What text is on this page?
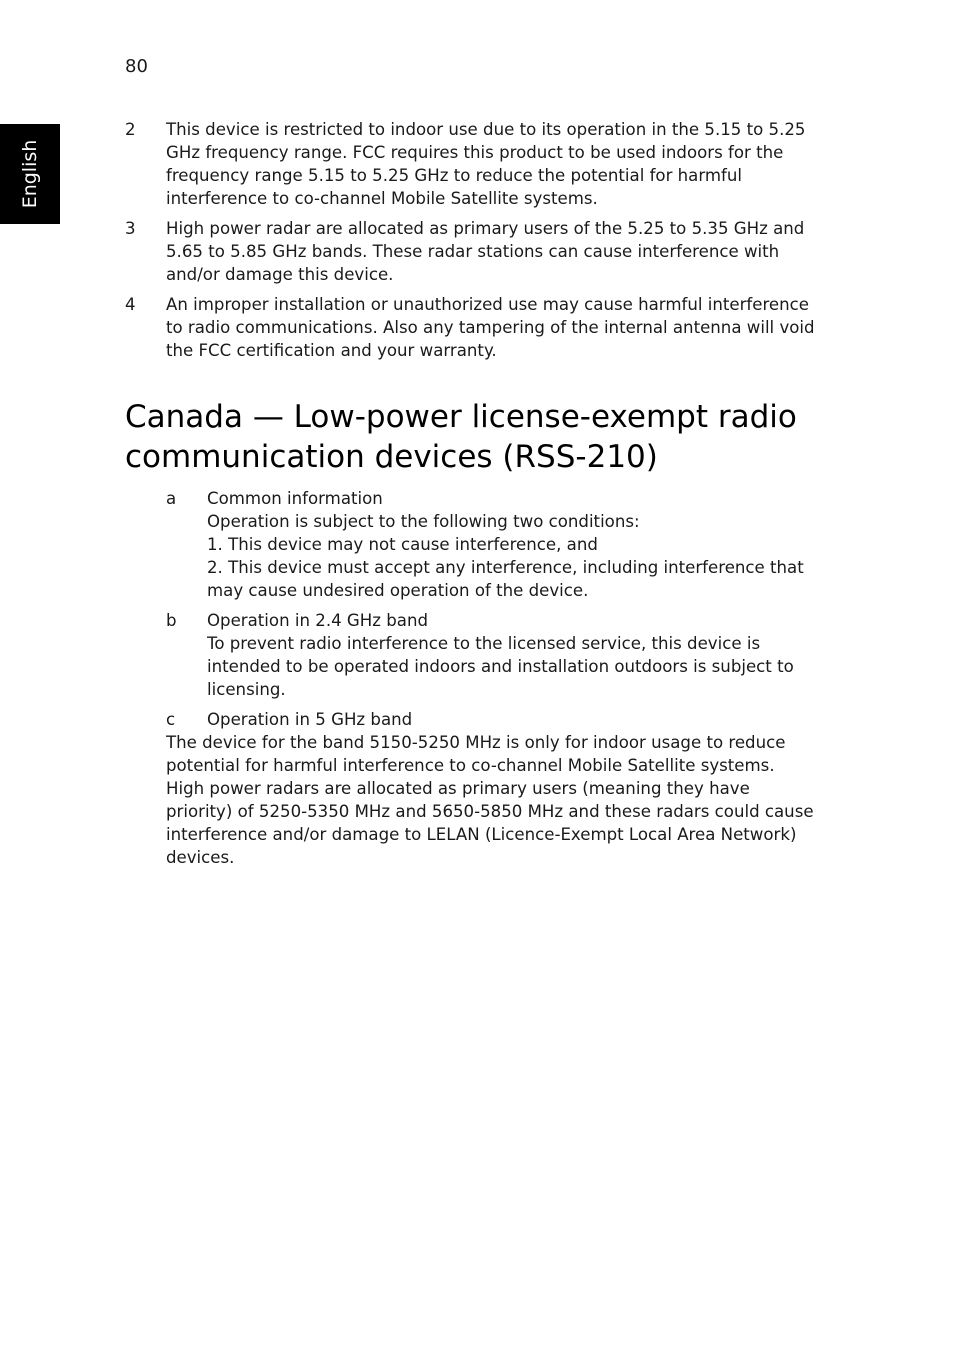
80
English
2	This device is restricted to indoor use due to its operation in the 5.15 to 5.25 GHz frequency range. FCC requires this product to be used indoors for the frequency range 5.15 to 5.25 GHz to reduce the potential for harmful interference to co-channel Mobile Satellite systems.
3	High power radar are allocated as primary users of the 5.25 to 5.35 GHz and 5.65 to 5.85 GHz bands. These radar stations can cause interference with and/or damage this device.
4	An improper installation or unauthorized use may cause harmful interference to radio communications. Also any tampering of the internal antenna will void the FCC certification and your warranty.
Canada — Low-power license-exempt radio communication devices (RSS-210)
a	Common information
Operation is subject to the following two conditions:
1. This device may not cause interference, and
2. This device must accept any interference, including interference that may cause undesired operation of the device.
b	Operation in 2.4 GHz band
To prevent radio interference to the licensed service, this device is intended to be operated indoors and installation outdoors is subject to licensing.
c	Operation in 5 GHz band

The device for the band 5150-5250 MHz is only for indoor usage to reduce potential for harmful interference to co-channel Mobile Satellite systems. High power radars are allocated as primary users (meaning they have priority) of 5250-5350 MHz and 5650-5850 MHz and these radars could cause interference and/or damage to LELAN (Licence-Exempt Local Area Network) devices.
